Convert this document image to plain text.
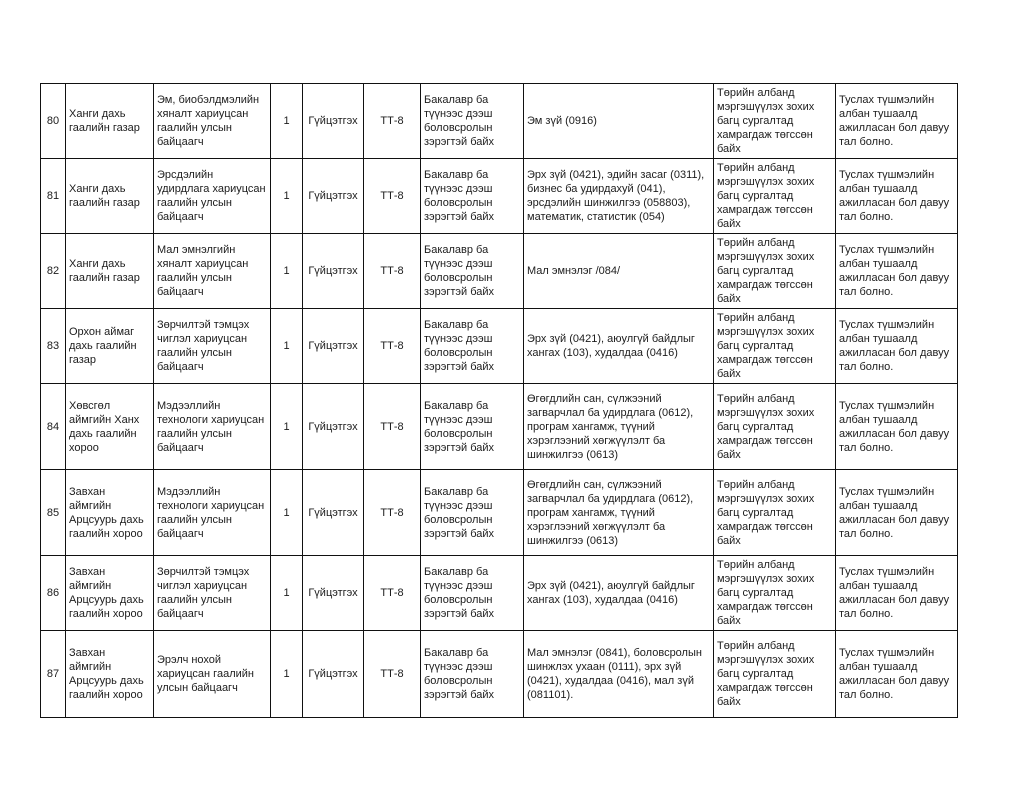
80	Ханги дахь гаалийн газар	Эм, биобэлдмэлийн хяналт хариуцсан гаалийн улсын байцаагч	1	Гүйцэтгэх	ТТ-8	Бакалавр ба түүнээс дээш боловсролын зэрэгтэй байх	Эм зүй (0916)	Төрийн албанд мэргэшүүлэх зохих багц сургалтад хамрагдаж төгссөн байх	Туслах түшмэлийн албан тушаалд ажилласан бол давуу тал болно.
81	Ханги дахь гаалийн газар	Эрсдэлийн удирдлага хариуцсан гаалийн улсын байцаагч	1	Гүйцэтгэх	ТТ-8	Бакалавр ба түүнээс дээш боловсролын зэрэгтэй байх	Эрх зүй (0421), эдийн засаг (0311), бизнес ба удирдахуй (041), эрсдэлийн шинжилгээ (058803), математик, статистик (054)	Төрийн албанд мэргэшүүлэх зохих багц сургалтад хамрагдаж төгссөн байх	Туслах түшмэлийн албан тушаалд ажилласан бол давуу тал болно.
82	Ханги дахь гаалийн газар	Мал эмнэлгийн хяналт хариуцсан гаалийн улсын байцаагч	1	Гүйцэтгэх	ТТ-8	Бакалавр ба түүнээс дээш боловсролын зэрэгтэй байх	Мал эмнэлэг /084/	Төрийн албанд мэргэшүүлэх зохих багц сургалтад хамрагдаж төгссөн байх	Туслах түшмэлийн албан тушаалд ажилласан бол давуу тал болно.
83	Орхон аймаг дахь гаалийн газар	Зөрчилтэй тэмцэх чиглэл хариуцсан гаалийн улсын байцаагч	1	Гүйцэтгэх	ТТ-8	Бакалавр ба түүнээс дээш боловсролын зэрэгтэй байх	Эрх зүй (0421), аюулгүй байдлыг хангах (103), худалдаа (0416)	Төрийн албанд мэргэшүүлэх зохих багц сургалтад хамрагдаж төгссөн байх	Туслах түшмэлийн албан тушаалд ажилласан бол давуу тал болно.
84	Хөвсгөл аймгийн Ханх дахь гаалийн хороо	Мэдээллийн технологи хариуцсан гаалийн улсын байцаагч	1	Гүйцэтгэх	ТТ-8	Бакалавр ба түүнээс дээш боловсролын зэрэгтэй байх	Өгөгдлийн сан, сүлжээний загварчлал ба удирдлага (0612), програм хангамж, түүний хэрэглээний хөгжүүлэлт ба шинжилгээ (0613)	Төрийн албанд мэргэшүүлэх зохих багц сургалтад хамрагдаж төгссөн байх	Туслах түшмэлийн албан тушаалд ажилласан бол давуу тал болно.
85	Завхан аймгийн Арцсуурь дахь гаалийн хороо	Мэдээллийн технологи хариуцсан гаалийн улсын байцаагч	1	Гүйцэтгэх	ТТ-8	Бакалавр ба түүнээс дээш боловсролын зэрэгтэй байх	Өгөгдлийн сан, сүлжээний загварчлал ба удирдлага (0612), програм хангамж, түүний хэрэглээний хөгжүүлэлт ба шинжилгээ (0613)	Төрийн албанд мэргэшүүлэх зохих багц сургалтад хамрагдаж төгссөн байх	Туслах түшмэлийн албан тушаалд ажилласан бол давуу тал болно.
86	Завхан аймгийн Арцсуурь дахь гаалийн хороо	Зөрчилтэй тэмцэх чиглэл хариуцсан гаалийн улсын байцаагч	1	Гүйцэтгэх	ТТ-8	Бакалавр ба түүнээс дээш боловсролын зэрэгтэй байх	Эрх зүй (0421), аюулгүй байдлыг хангах (103), худалдаа (0416)	Төрийн албанд мэргэшүүлэх зохих багц сургалтад хамрагдаж төгссөн байх	Туслах түшмэлийн албан тушаалд ажилласан бол давуу тал болно.
87	Завхан аймгийн Арцсуурь дахь гаалийн хороо	Эрэлч нохой хариуцсан гаалийн улсын байцаагч	1	Гүйцэтгэх	ТТ-8	Бакалавр ба түүнээс дээш боловсролын зэрэгтэй байх	Мал эмнэлэг (0841), боловсролын шинжлэх ухаан (0111), эрх зүй (0421), худалдаа (0416), мал зүй (081101).	Төрийн албанд мэргэшүүлэх зохих багц сургалтад хамрагдаж төгссөн байх	Туслах түшмэлийн албан тушаалд ажилласан бол давуу тал болно.
